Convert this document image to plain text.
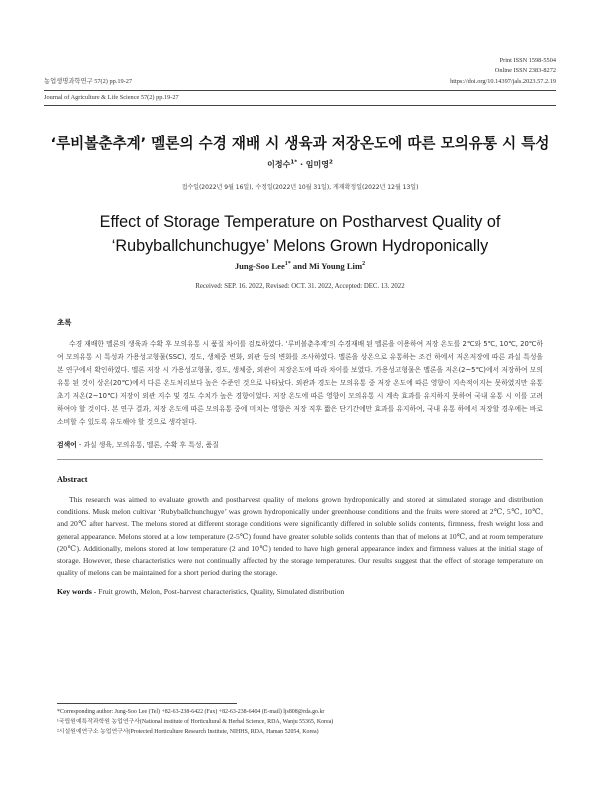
Print ISSN 1598-5504
Online ISSN 2383-8272
농업생명과학연구 57(2) pp.19-27	https://doi.org/10.14397/jals.2023.57.2.19
Journal of Agriculture & Life Science 57(2) pp.19-27
‘루비볼춘추계’ 멜론의 수경 재배 시 생육과 저장온도에 따른 모의유통 시 특성
이정수$^{1*}$ · 임미영$^2$
접수일(2022년 9월 16일), 수정일(2022년 10월 31일), 게재확정일(2022년 12월 13일)
Effect of Storage Temperature on Postharvest Quality of
‘Rubyballchunchugye’ Melons Grown Hydroponically
Jung-Soo Lee$^{1*}$ and Mi Young Lim$^2$
Received: SEP. 16. 2022, Revised: OCT. 31. 2022, Accepted: DEC. 13. 2022
초록
수경 재배한 멜론의 생육과 수확 후 모의유통 시 품질 차이를 검토하였다. ‘루비볼춘추계’의 수경재배 된 멜론을 이용하여 저장 온도를 2℃와 5℃, 10℃, 20℃하여 모의유통 시 특성과 가용성고형물(SSC), 경도, 생체중 변화, 외관 등의 변화를 조사하였다. 멜론을 상온으로 유통하는 조건 하에서 저온저장에 따른 과실 특성을 본 연구에서 확인하였다. 멜론 저장 시 가용성고형물, 경도, 생체중, 외관이 저장온도에 따라 차이를 보였다. 가용성고형물은 멜론을 저온(2~5℃)에서 저장하여 모의유통 된 것이 상온(20℃)에서 다른 온도처리보다 높은 수준인 것으로 나타났다. 외관과 경도는 모의유통 중 저장 온도에 따른 영향이 지속적이지는 못하였지만 유통초기 저온(2~10℃) 저장이 외관 지수 및 경도 수치가 높은 경향이었다. 저장 온도에 따른 영향이 모의유통 시 계속 효과를 유지하지 못하여 국내 유통 시 이를 고려하여야 할 것이다. 본 연구 결과, 저장 온도에 따른 모의유통 중에 미치는 영향은 저장 직후 짧은 단기간에만 효과를 유지하여, 국내 유통 하에서 저장할 경우에는 바로 소비할 수 있도록 유도해야 할 것으로 생각된다.
검색어 - 과실 생육, 모의유통, 멜론, 수확 후 특성, 품질
Abstract
This research was aimed to evaluate growth and postharvest quality of melons grown hydroponically and stored at simulated storage and distribution conditions. Musk melon cultivar ‘Rubyballchunchugye’ was grown hydroponically under greenhouse conditions and the fruits were stored at 2℃, 5℃, 10℃, and 20℃ after harvest. The melons stored at different storage conditions were significantly differed in soluble solids contents, firmness, fresh weight loss and general appearance. Melons stored at a low temperature (2-5℃) found have greater soluble solids contents than that of melons at 10℃, and at room temperature (20℃). Additionally, melons stored at low temperature (2 and 10℃) tended to have high general appearance index and firmness values at the initial stage of storage. However, these characteristics were not continually affected by the storage temperatures. Our results suggest that the effect of storage temperature on quality of melons can be maintained for a short period during the storage.
Key words - Fruit growth, Melon, Post-harvest characteristics, Quality, Simulated distribution
*Corresponding author: Jung-Soo Lee (Tel) +82-63-238-6422 (Fax) +82-63-238-6404 (E-mail) ljs808@rda.go.kr
¹국립원예특작과학원 농업연구사(National institute of Horticultural & Herbal Science, RDA, Wanju 55365, Korea)
²시설원예연구소 농업연구사(Protected Horticulture Research Institute, NIHHS, RDA, Haman 52054, Korea)
